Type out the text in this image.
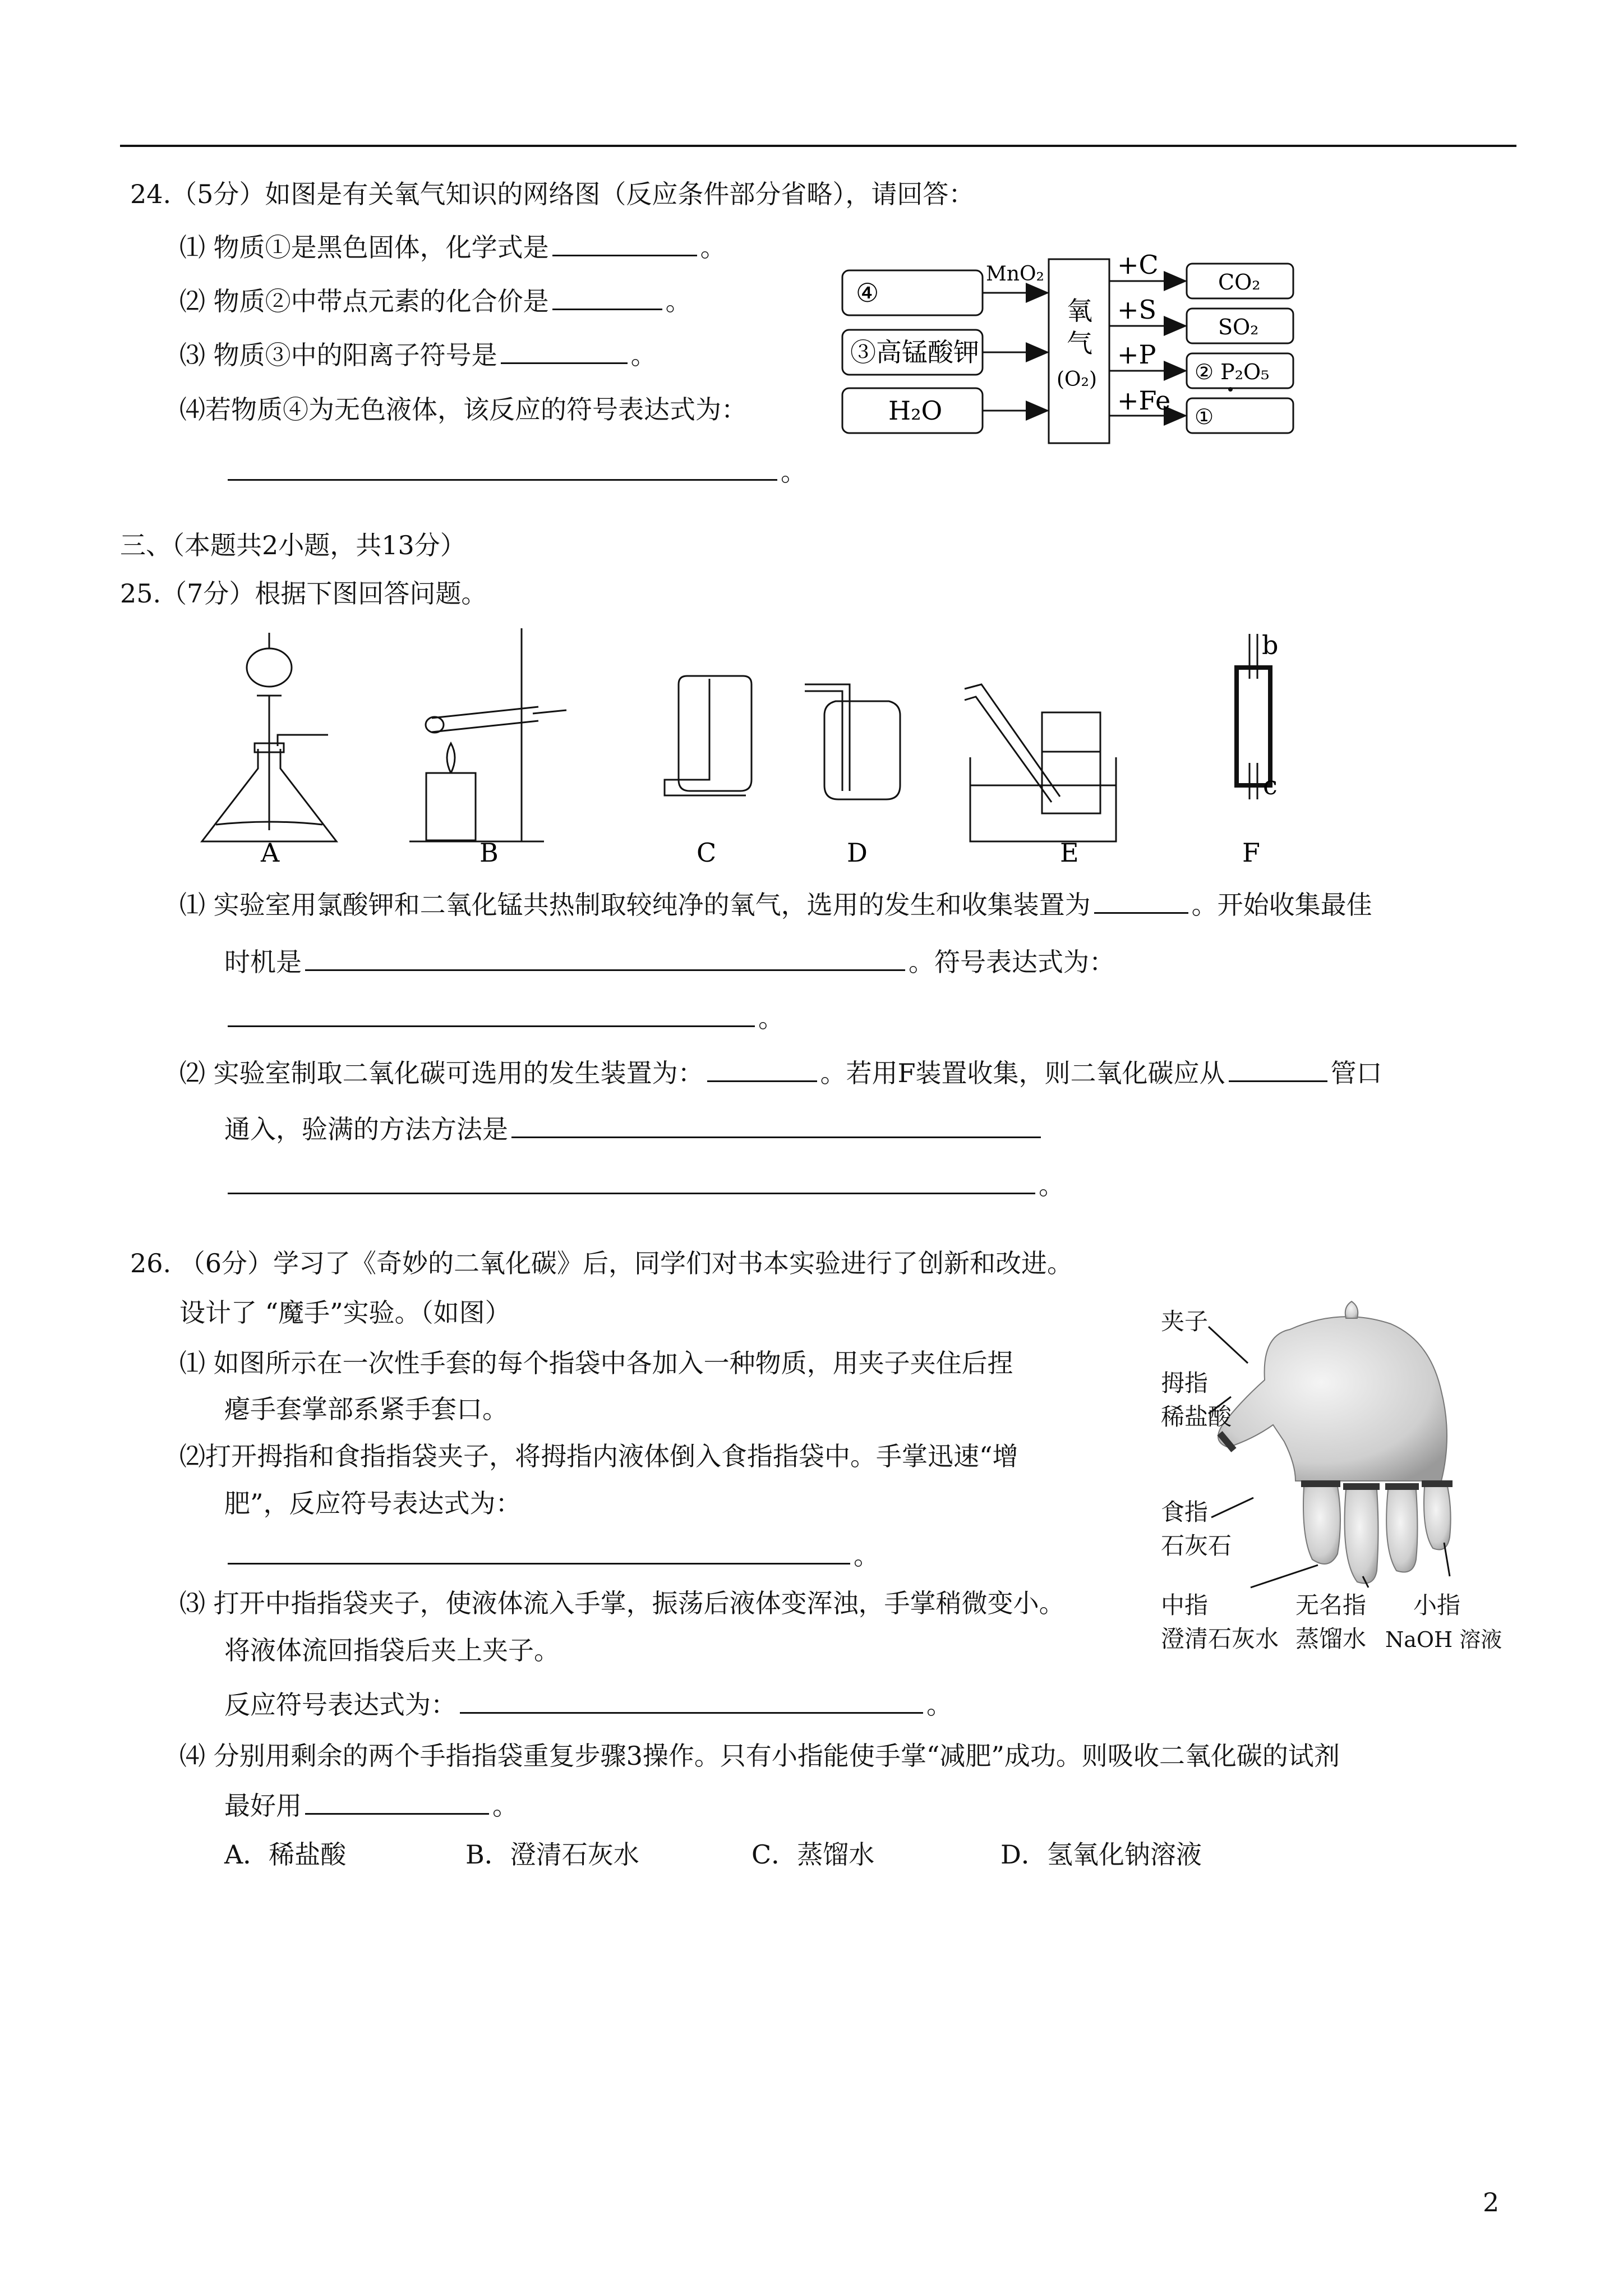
24.（5分）如图是有关氧气知识的网络图（反应条件部分省略），请回答：
⑴ 物质①是黑色固体，化学式是	。
⑵ 物质②中带点元素的化合价是	。
⑶ 物质③中的阳离子符号是	。
⑷若物质④为无色液体，该反应的符号表达式为：
。
④
③高锰酸钾
H₂O
MnO₂
氧
气
(O₂)
+C
+S
+P
+Fe
CO₂
SO₂
② P₂O₅
①
三、（本题共2小题，共13分）
25.（7分）根据下图回答问题。
A	B	C	D	E	F
b
c
⑴ 实验室用氯酸钾和二氧化锰共热制取较纯净的氧气，选用的发生和收集装置为	。开始收集最佳
时机是	。符号表达式为：
。
⑵ 实验室制取二氧化碳可选用的发生装置为：	。若用F装置收集，则二氧化碳应从	管口
通入，验满的方法方法是
。
26. （6分）学习了《奇妙的二氧化碳》后，同学们对书本实验进行了创新和改进。
设计了 “魔手”实验。（如图）
⑴ 如图所示在一次性手套的每个指袋中各加入一种物质，用夹子夹住后捏
瘪手套掌部系紧手套口。
⑵打开拇指和食指指袋夹子，将拇指内液体倒入食指指袋中。手掌迅速“增
肥”，反应符号表达式为：
。
⑶ 打开中指指袋夹子，使液体流入手掌，振荡后液体变浑浊，手掌稍微变小。
将液体流回指袋后夹上夹子。
反应符号表达式为：	。
⑷ 分别用剩余的两个手指指袋重复步骤3操作。只有小指能使手掌“减肥”成功。则吸收二氧化碳的试剂
最好用	。
A．稀盐酸	B．澄清石灰水	C．蒸馏水	D．氢氧化钠溶液
夹子
拇指
稀盐酸
食指
石灰石
中指
澄清石灰水
无名指
蒸馏水
小指
NaOH 溶液
2
